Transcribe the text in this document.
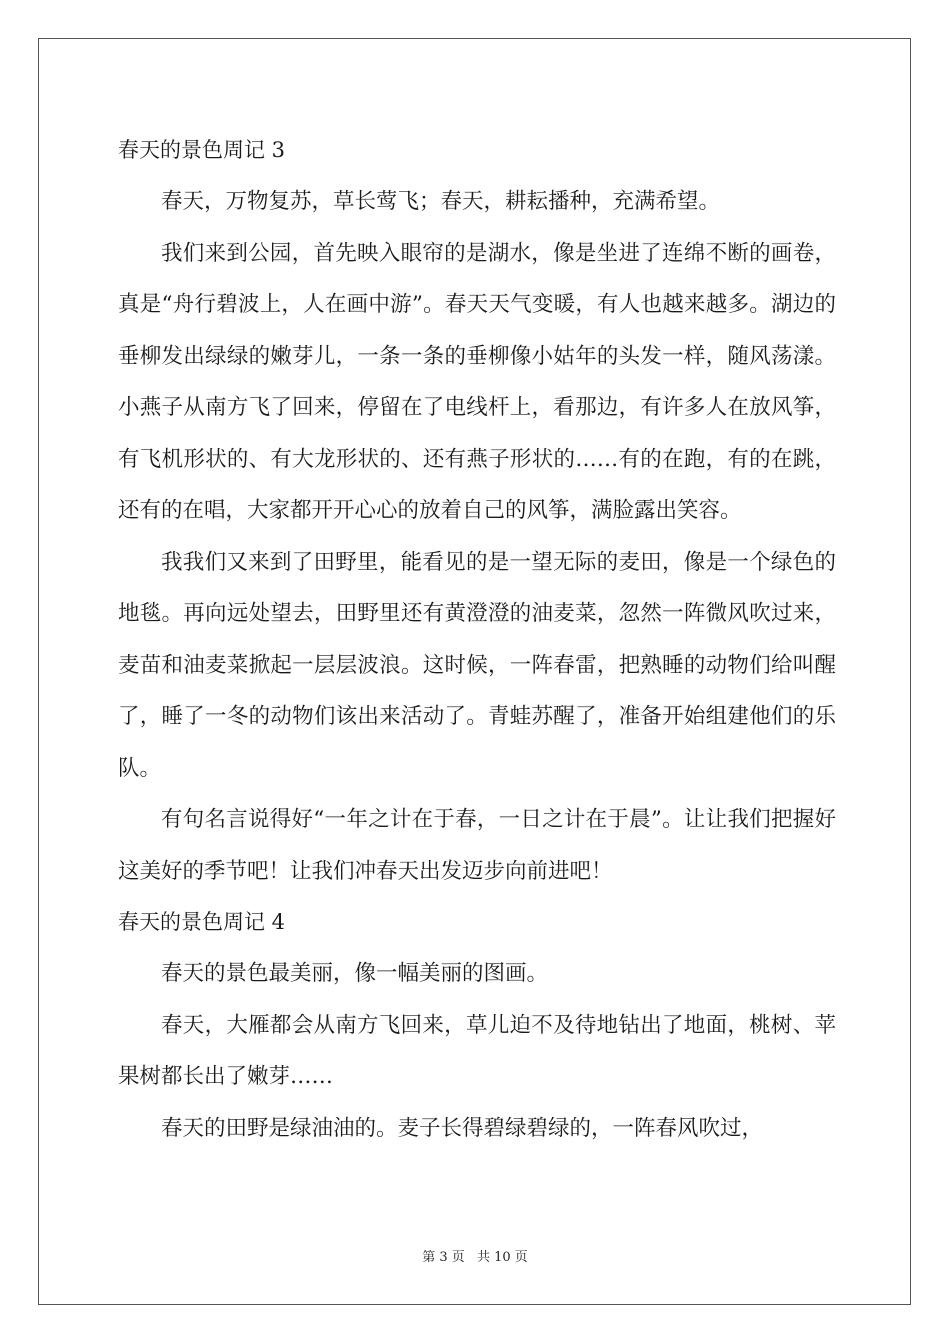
春天的景色周记 3

春天，万物复苏，草长莺飞；春天，耕耘播种，充满希望。

我们来到公园，首先映入眼帘的是湖水，像是坐进了连绵不断的画卷，真是“舟行碧波上，人在画中游”。春天天气变暖，有人也越来越多。湖边的垂柳发出绿绿的嫩芽儿，一条一条的垂柳像小姑年的头发一样，随风荡漾。小燕子从南方飞了回来，停留在了电线杆上，看那边，有许多人在放风筝，有飞机形状的、有大龙形状的、还有燕子形状的……有的在跑，有的在跳，还有的在唱，大家都开开心心的放着自己的风筝，满脸露出笑容。

我我们又来到了田野里，能看见的是一望无际的麦田，像是一个绿色的地毯。再向远处望去，田野里还有黄澄澄的油麦菜，忽然一阵微风吹过来，麦苗和油麦菜掀起一层层波浪。这时候，一阵春雷，把熟睡的动物们给叫醒了，睡了一冬的动物们该出来活动了。青蛙苏醒了，准备开始组建他们的乐队。

有句名言说得好“一年之计在于春，一日之计在于晨”。让让我们把握好这美好的季节吧！让我们冲春天出发迈步向前进吧！

春天的景色周记 4

春天的景色最美丽，像一幅美丽的图画。

春天，大雁都会从南方飞回来，草儿迫不及待地钻出了地面，桃树、苹果树都长出了嫩芽……

春天的田野是绿油油的。麦子长得碧绿碧绿的，一阵春风吹过，

第 3 页 共 10 页
